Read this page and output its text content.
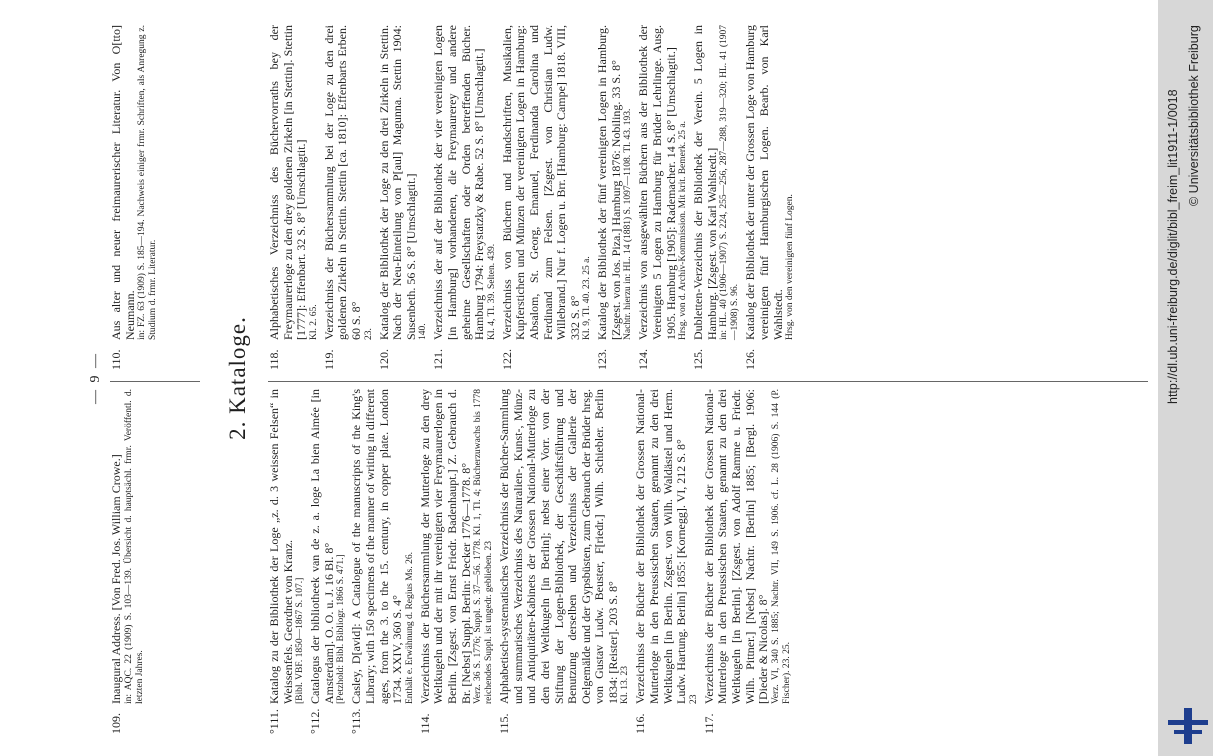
— 9 —
109.
Inaugural Address. [Von Fred. Jos. William Crowe.] in: AQC. 22 (1909) S. 103—139. Übersicht d. hauptsächl. frmr. Veröffentl. d. letzten Jahres.
110.
Aus alter und neuer freimaurerischer Literatur. Von O[tto] Neumann. in: FZ. 63 (1909) S. 185—194. Nachweis einiger frmr. Schriften, als Anregung z. Studium d. frmr. Literatur.
2. Kataloge.
°111.
Katalog zu der Bibliothek der Loge „z. d. 3 weissen Felsen“ in Weissenfels. Geordnet von Kranz. [Bibl. VBF. 1850—1867 S. 107.]
°112.
Catalogus der bibliotheek van de z. a. loge La bien Aimée [in Amsterdam]. O. O. u. J. 16 Bl. 8° [Petzhold: Bibl. Bibliogr. 1866 S. 471.]
°113.
Casley, D[avid]: A Catalogue of the manuscripts of the King's Library; with 150 specimens of the manner of writing in different ages, from the 3. to the 15. century, in copper plate. London 1734. XXIV, 360 S. 4° Enthält e. Erwähnung d. Regius Ms. 26.
114.
Verzeichniss der Büchersammlung der Mutterloge zu den drey Weltkugeln und der mit ihr vereinigten vier Freymaurerlogen in Berlin. [Zsgest. von Ernst Friedr. Badenhaupt.] Z. Gebrauch d. Br. [Nebst] Suppl. Berlin: Decker 1776—1778. 8° Verz. 36 S. 1776; Suppl. S. 37—56. 1778. Kl. 1, Tl. 4; Bücherzuwachs bis 1778 reichendes Suppl. ist ungedr. geblieben. 23
115.
Alphabetisch-systematisches Verzeichniss der Bücher-Sammlung und summarisches Verzeichniss des Naturalien-, Kunst-, Münz- und Antiquitäten-Kabinets der Grossen National-Mutterloge zu den drei Weltkugeln [in Berlin]; nebst einer Vorr. von der Stiftung der Logen-Bibliothek, der Geschäftsführung und Benutzung derselben und Verzeichniss der Gallerie der Oelgemälde und der Gypsbüsten, zum Gebrauch der Brüder hrsg. von Gustav Ludw. Beuster, F[riedr.] Wilh. Schiebler. Berlin 1834: [Reister]. 203 S. 8° Kl. 13. 23
116.
Verzeichniss der Bücher der Bibliothek der Grossen National-Mutterloge in den Preussischen Staaten, genannt zu den drei Weltkugeln [in Berlin. Zsgest. von Wilh. Waldästel und Herm. Ludw. Hartung. Berlin] 1855: [Kornegg]. VI, 212 S. 8° 23
117.
Verzeichniss der Bücher der Bibliothek der Grossen National-Mutterloge in den Preussischen Staaten, genannt zu den drei Weltkugeln [in Berlin]. [Zsgest. von Adolf Ramme u. Friedr. Wilh. Pittner.] [Nebst] Nachtr. [Berlin] 1885; [Bergl. 1906: [Dieder & Nicolas]. 8° Verz. VI, 340 S. 1885; Nachtr. VII, 149 S. 1906. cf. L. 28 (1906) S. 144 (P. Fischer). 23. 25.
118.
Alphabetisches Verzeichniss des Büchervorraths bey der Freymaurerloge zu den drey goldenen Zirkeln [in Stettin]. Stettin [1777]: Effenbart. 32 S. 8° [Umschlagtit.] Kl. 2. 65.
119.
Verzeichniss der Büchersammlung bei der Loge zu den drei goldenen Zirkeln in Stettin. Stettin [ca. 1810]: Effenbarts Erben. 60 S. 8° 23.
120.
Katalog der Bibliothek der Loge zu den drei Zirkeln in Stettin. Nach der Neu-Einteilung von P[aul] Magunna. Stettin 1904: Susenbeth. 56 S. 8° [Umschlagtit.] 140.
121.
Verzeichniss der auf der Bibliothek der vier vereinigten Logen [in Hamburg] vorhandenen, die Freymaurerey und andere geheime Gesellschaften oder Orden betreffenden Bücher. Hamburg 1794: Freystatzky & Rabe. 52 S. 8° [Umschlagtit.] Kl. 4, Tl. 39. Selten. 439.
122.
Verzeichniss von Büchern und Handschriften, Musikalien, Kupferstichen und Münzen der vereinigten Logen in Hamburg: Absalom, St. Georg, Emanuel, Ferdinanda Carolina und Ferdinand zum Felsen. [Zsgest. von Christian Ludw. Willebrand.] Nur f. Logen u. Brr. [Hamburg: Campe] 1818. VIII, 332 S. 8° Kl. 9, Tl. 40. 23. 25 a.
123.
Katalog der Bibliothek der fünf vereinigten Logen in Hamburg. [Zsgest. von Jos. Piza.] Hamburg 1876: Nobiling. 33 S. 8° Nachtr. hierzu in: HL. 14 (1881) S. 1097—1108. Tl. 43. 193.
124.
Verzeichnis von ausgewählten Büchern aus der Bibliothek der Vereinigten 5 Logen zu Hamburg für Brüder Lehrlinge. Ausg. 1905. Hamburg [1905]: Rademacher. 14 S. 8° [Umschlagtit.] Hrsg. von d. Archiv-Kommission. Mit krit. Bemerk. 25 a.
125.
Dubletten-Verzeichnis der Bibliothek der Verein. 5 Logen in Hamburg. [Zsgest. von Karl Wahlstedt.] in: HL. 40 (1906—1907) S. 224, 255—256, 287—288, 319—320; HL. 41 (1907—1908) S. 96.
126.
Katalog der Bibliothek der unter der Grossen Loge von Hamburg vereinigten fünf Hamburgischen Logen. Bearb. von Karl Wahlstedt. Hrsg. von den vereinigten fünf Logen.	http://dl.ub.uni-freiburg.de/diglit/bibl_freim_lit1911-1/0018 © Universitätsbibliothek Freiburg
